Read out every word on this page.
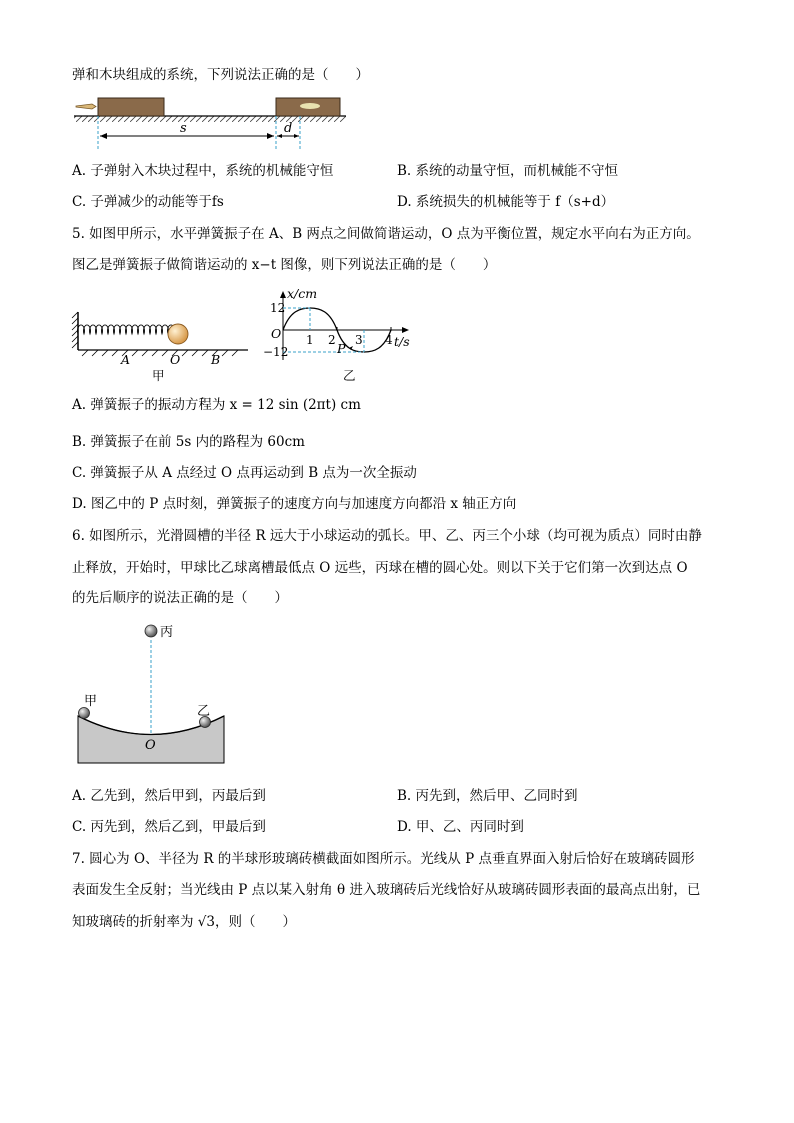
弹和木块组成的系统，下列说法正确的是（　　）
s	d
A. 子弹射入木块过程中，系统的机械能守恒	B. 系统的动量守恒，而机械能不守恒
C. 子弹减少的动能等于fs	D. 系统损失的机械能等于 f（s+d）
5. 如图甲所示，水平弹簧振子在 A、B 两点之间做简谐运动，O 点为平衡位置，规定水平向右为正方向。
图乙是弹簧振子做简谐运动的 x−t 图像，则下列说法正确的是（　　）
A	O B
甲
x/cm
t/s
12
−12
O 1 2 3 4
P
乙
A. 弹簧振子的振动方程为 x = 12 sin (2πt) cm
B. 弹簧振子在前 5s 内的路程为 60cm
C. 弹簧振子从 A 点经过 O 点再运动到 B 点为一次全振动
D. 图乙中的 P 点时刻，弹簧振子的速度方向与加速度方向都沿 x 轴正方向
6. 如图所示，光滑圆槽的半径 R 远大于小球运动的弧长。甲、乙、丙三个小球（均可视为质点）同时由静
止释放，开始时，甲球比乙球离槽最低点 O 远些，丙球在槽的圆心处。则以下关于它们第一次到达点 O
的先后顺序的说法正确的是（　　）
丙
甲
乙
O
A. 乙先到，然后甲到，丙最后到	B. 丙先到，然后甲、乙同时到
C. 丙先到，然后乙到，甲最后到	D. 甲、乙、丙同时到
7. 圆心为 O、半径为 R 的半球形玻璃砖横截面如图所示。光线从 P 点垂直界面入射后恰好在玻璃砖圆形
表面发生全反射；当光线由 P 点以某入射角 θ 进入玻璃砖后光线恰好从玻璃砖圆形表面的最高点出射，已
知玻璃砖的折射率为 √3，则（　　）
